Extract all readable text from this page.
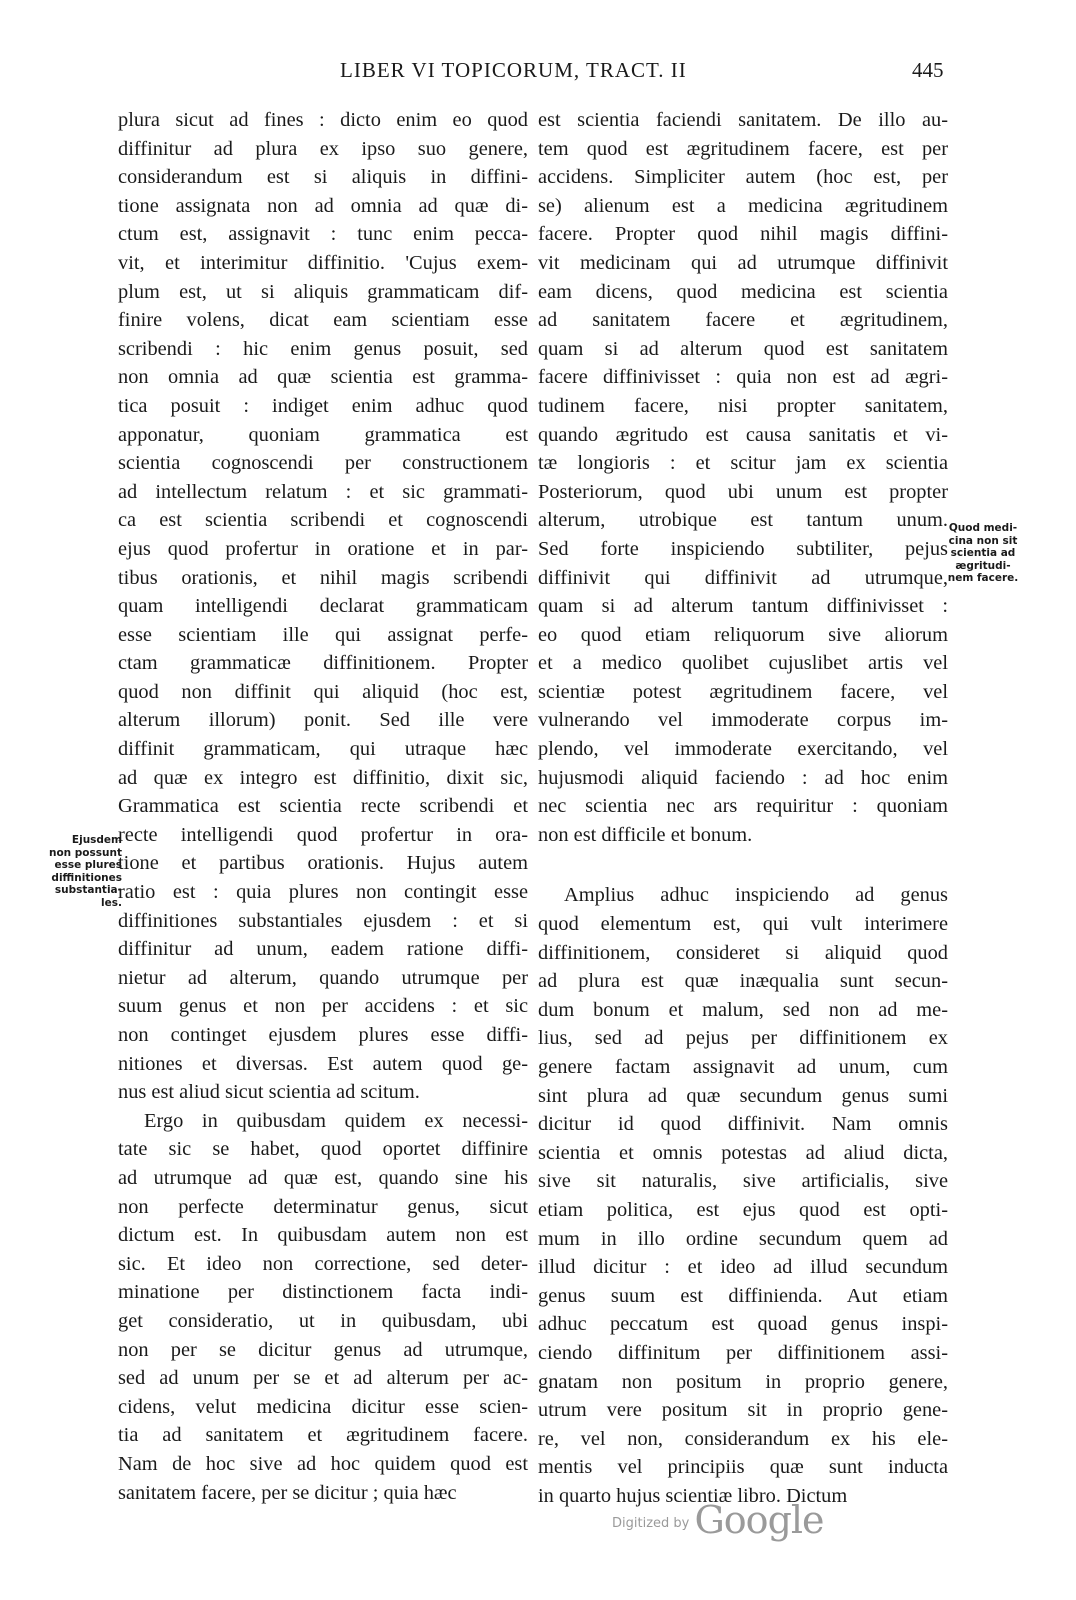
LIBER VI TOPICORUM, TRACT. II	445
plura sicut ad fines : dicto enim eo quod
diffinitur ad plura ex ipso suo genere,
considerandum est si aliquis in diffini-
tione assignata non ad omnia ad quæ di-
ctum est, assignavit : tunc enim pecca-
vit, et interimitur diffinitio. 'Cujus exem-
plum est, ut si aliquis grammaticam dif-
finire volens, dicat eam scientiam esse
scribendi : hic enim genus posuit, sed
non omnia ad quæ scientia est gramma-
tica posuit : indiget enim adhuc quod
apponatur, quoniam grammatica est
scientia cognoscendi per constructionem
ad intellectum relatum : et sic grammati-
ca est scientia scribendi et cognoscendi
ejus quod profertur in oratione et in par-
tibus orationis, et nihil magis scribendi
quam intelligendi declarat grammaticam
esse scientiam ille qui assignat perfe-
ctam grammaticæ diffinitionem. Propter
quod non diffinit qui aliquid (hoc est,
alterum illorum) ponit. Sed ille vere
diffinit grammaticam, qui utraque hæc
ad quæ ex integro est diffinitio, dixit sic,
Grammatica est scientia recte scribendi et
recte intelligendi quod profertur in ora-
tione et partibus orationis. Hujus autem
ratio est : quia plures non contingit esse
diffinitiones substantiales ejusdem : et si
diffinitur ad unum, eadem ratione diffi-
nietur ad alterum, quando utrumque per
suum genus et non per accidens : et sic
non continget ejusdem plures esse diffi-
nitiones et diversas. Est autem quod ge-
nus est aliud sicut scientia ad scitum.
Ergo in quibusdam quidem ex necessi-
tate sic se habet, quod oportet diffinire
ad utrumque ad quæ est, quando sine his
non perfecte determinatur genus, sicut
dictum est. In quibusdam autem non est
sic. Et ideo non correctione, sed deter-
minatione per distinctionem facta indi-
get consideratio, ut in quibusdam, ubi
non per se dicitur genus ad utrumque,
sed ad unum per se et ad alterum per ac-
cidens, velut medicina dicitur esse scien-
tia ad sanitatem et ægritudinem facere.
Nam de hoc sive ad hoc quidem quod est
sanitatem facere, per se dicitur ; quia hæc
est scientia faciendi sanitatem. De illo au-
tem quod est ægritudinem facere, est per
accidens. Simpliciter autem (hoc est, per
se) alienum est a medicina ægritudinem
facere. Propter quod nihil magis diffini-
vit medicinam qui ad utrumque diffinivit
eam dicens, quod medicina est scientia
ad sanitatem facere et ægritudinem,
quam si ad alterum quod est sanitatem
facere diffinivisset : quia non est ad ægri-
tudinem facere, nisi propter sanitatem,
quando ægritudo est causa sanitatis et vi-
tæ longioris : et scitur jam ex scientia
Posteriorum, quod ubi unum est propter
alterum, utrobique est tantum unum.
Sed forte inspiciendo subtiliter, pejus
diffinivit qui diffinivit ad utrumque,
quam si ad alterum tantum diffinivisset :
eo quod etiam reliquorum sive aliorum
et a medico quolibet cujuslibet artis vel
scientiæ potest ægritudinem facere, vel
vulnerando vel immoderate corpus im-
plendo, vel immoderate exercitando, vel
hujusmodi aliquid faciendo : ad hoc enim
nec scientia nec ars requiritur : quoniam
non est difficile et bonum.
Amplius adhuc inspiciendo ad genus
quod elementum est, qui vult interimere
diffinitionem, consideret si aliquid quod
ad plura est quæ inæqualia sunt secun-
dum bonum et malum, sed non ad me-
lius, sed ad pejus per diffinitionem ex
genere factam assignavit ad unum, cum
sint plura ad quæ secundum genus sumi
dicitur id quod diffinivit. Nam omnis
scientia et omnis potestas ad aliud dicta,
sive sit naturalis, sive artificialis, sive
etiam politica, est ejus quod est opti-
mum in illo ordine secundum quem ad
illud dicitur : et ideo ad illud secundum
genus suum est diffinienda. Aut etiam
adhuc peccatum est quoad genus inspi-
ciendo diffinitum per diffinitionem assi-
gnatam non positum in proprio genere,
utrum vere positum sit in proprio gene-
re, vel non, considerandum ex his ele-
mentis vel principiis quæ sunt inducta
in quarto hujus scientiæ libro. Dictum
Ejusdem
non possunt
esse plures
diffinitiones
substantia-
les.
Quod medi-
cina non sit
scientia ad
ægritudi-
nem facere.
$^{Digitized by}$ Google
